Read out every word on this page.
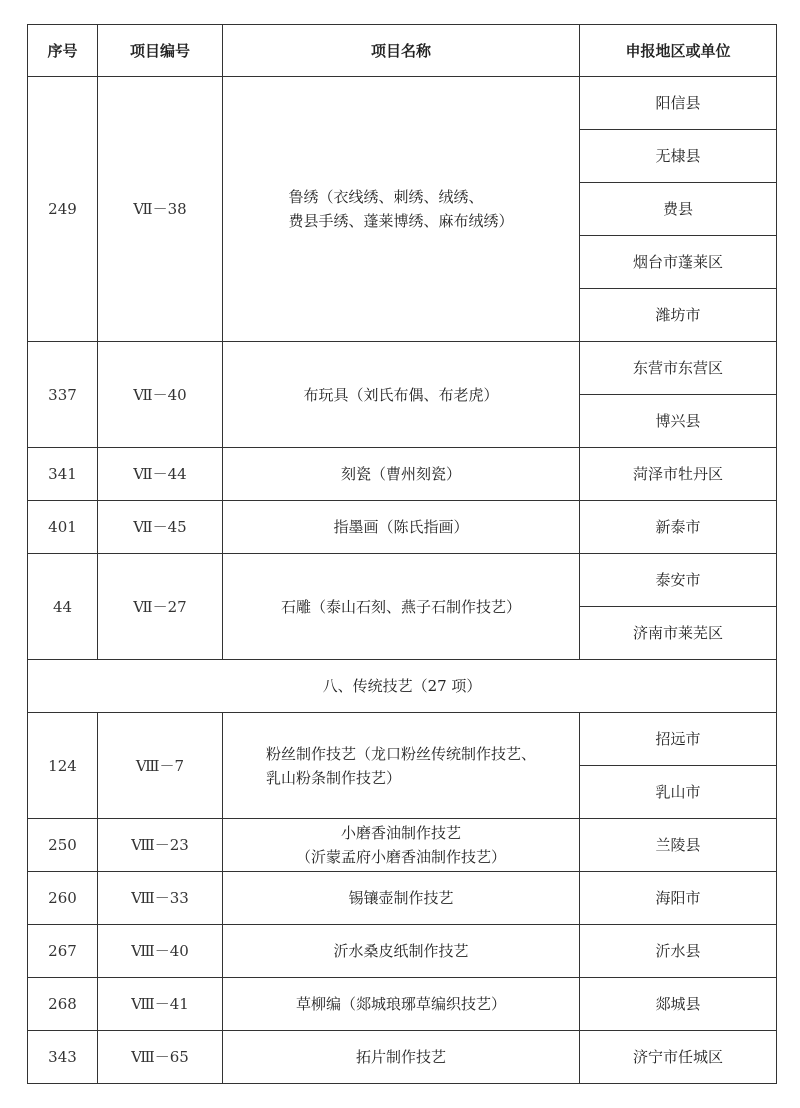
序号	项目编号	项目名称	申报地区或单位
249	Ⅶ－38	鲁绣（衣线绣、刺绣、绒绣、
费县手绣、蓬莱博绣、麻布绒绣）	阳信县
			无棣县
			费县
			烟台市蓬莱区
			潍坊市
337	Ⅶ－40	布玩具（刘氏布偶、布老虎）	东营市东营区
			博兴县
341	Ⅶ－44	刻瓷（曹州刻瓷）	菏泽市牡丹区
401	Ⅶ－45	指墨画（陈氏指画）	新泰市
44	Ⅶ－27	石雕（泰山石刻、燕子石制作技艺）	泰安市
			济南市莱芜区
八、传统技艺（27 项）			
124	Ⅷ－7	粉丝制作技艺（龙口粉丝传统制作技艺、
乳山粉条制作技艺）	招远市
			乳山市
250	Ⅷ－23	小磨香油制作技艺
（沂蒙孟府小磨香油制作技艺）	兰陵县
260	Ⅷ－33	锡镶壶制作技艺	海阳市
267	Ⅷ－40	沂水桑皮纸制作技艺	沂水县
268	Ⅷ－41	草柳编（郯城琅琊草编织技艺）	郯城县
343	Ⅷ－65	拓片制作技艺	济宁市任城区
